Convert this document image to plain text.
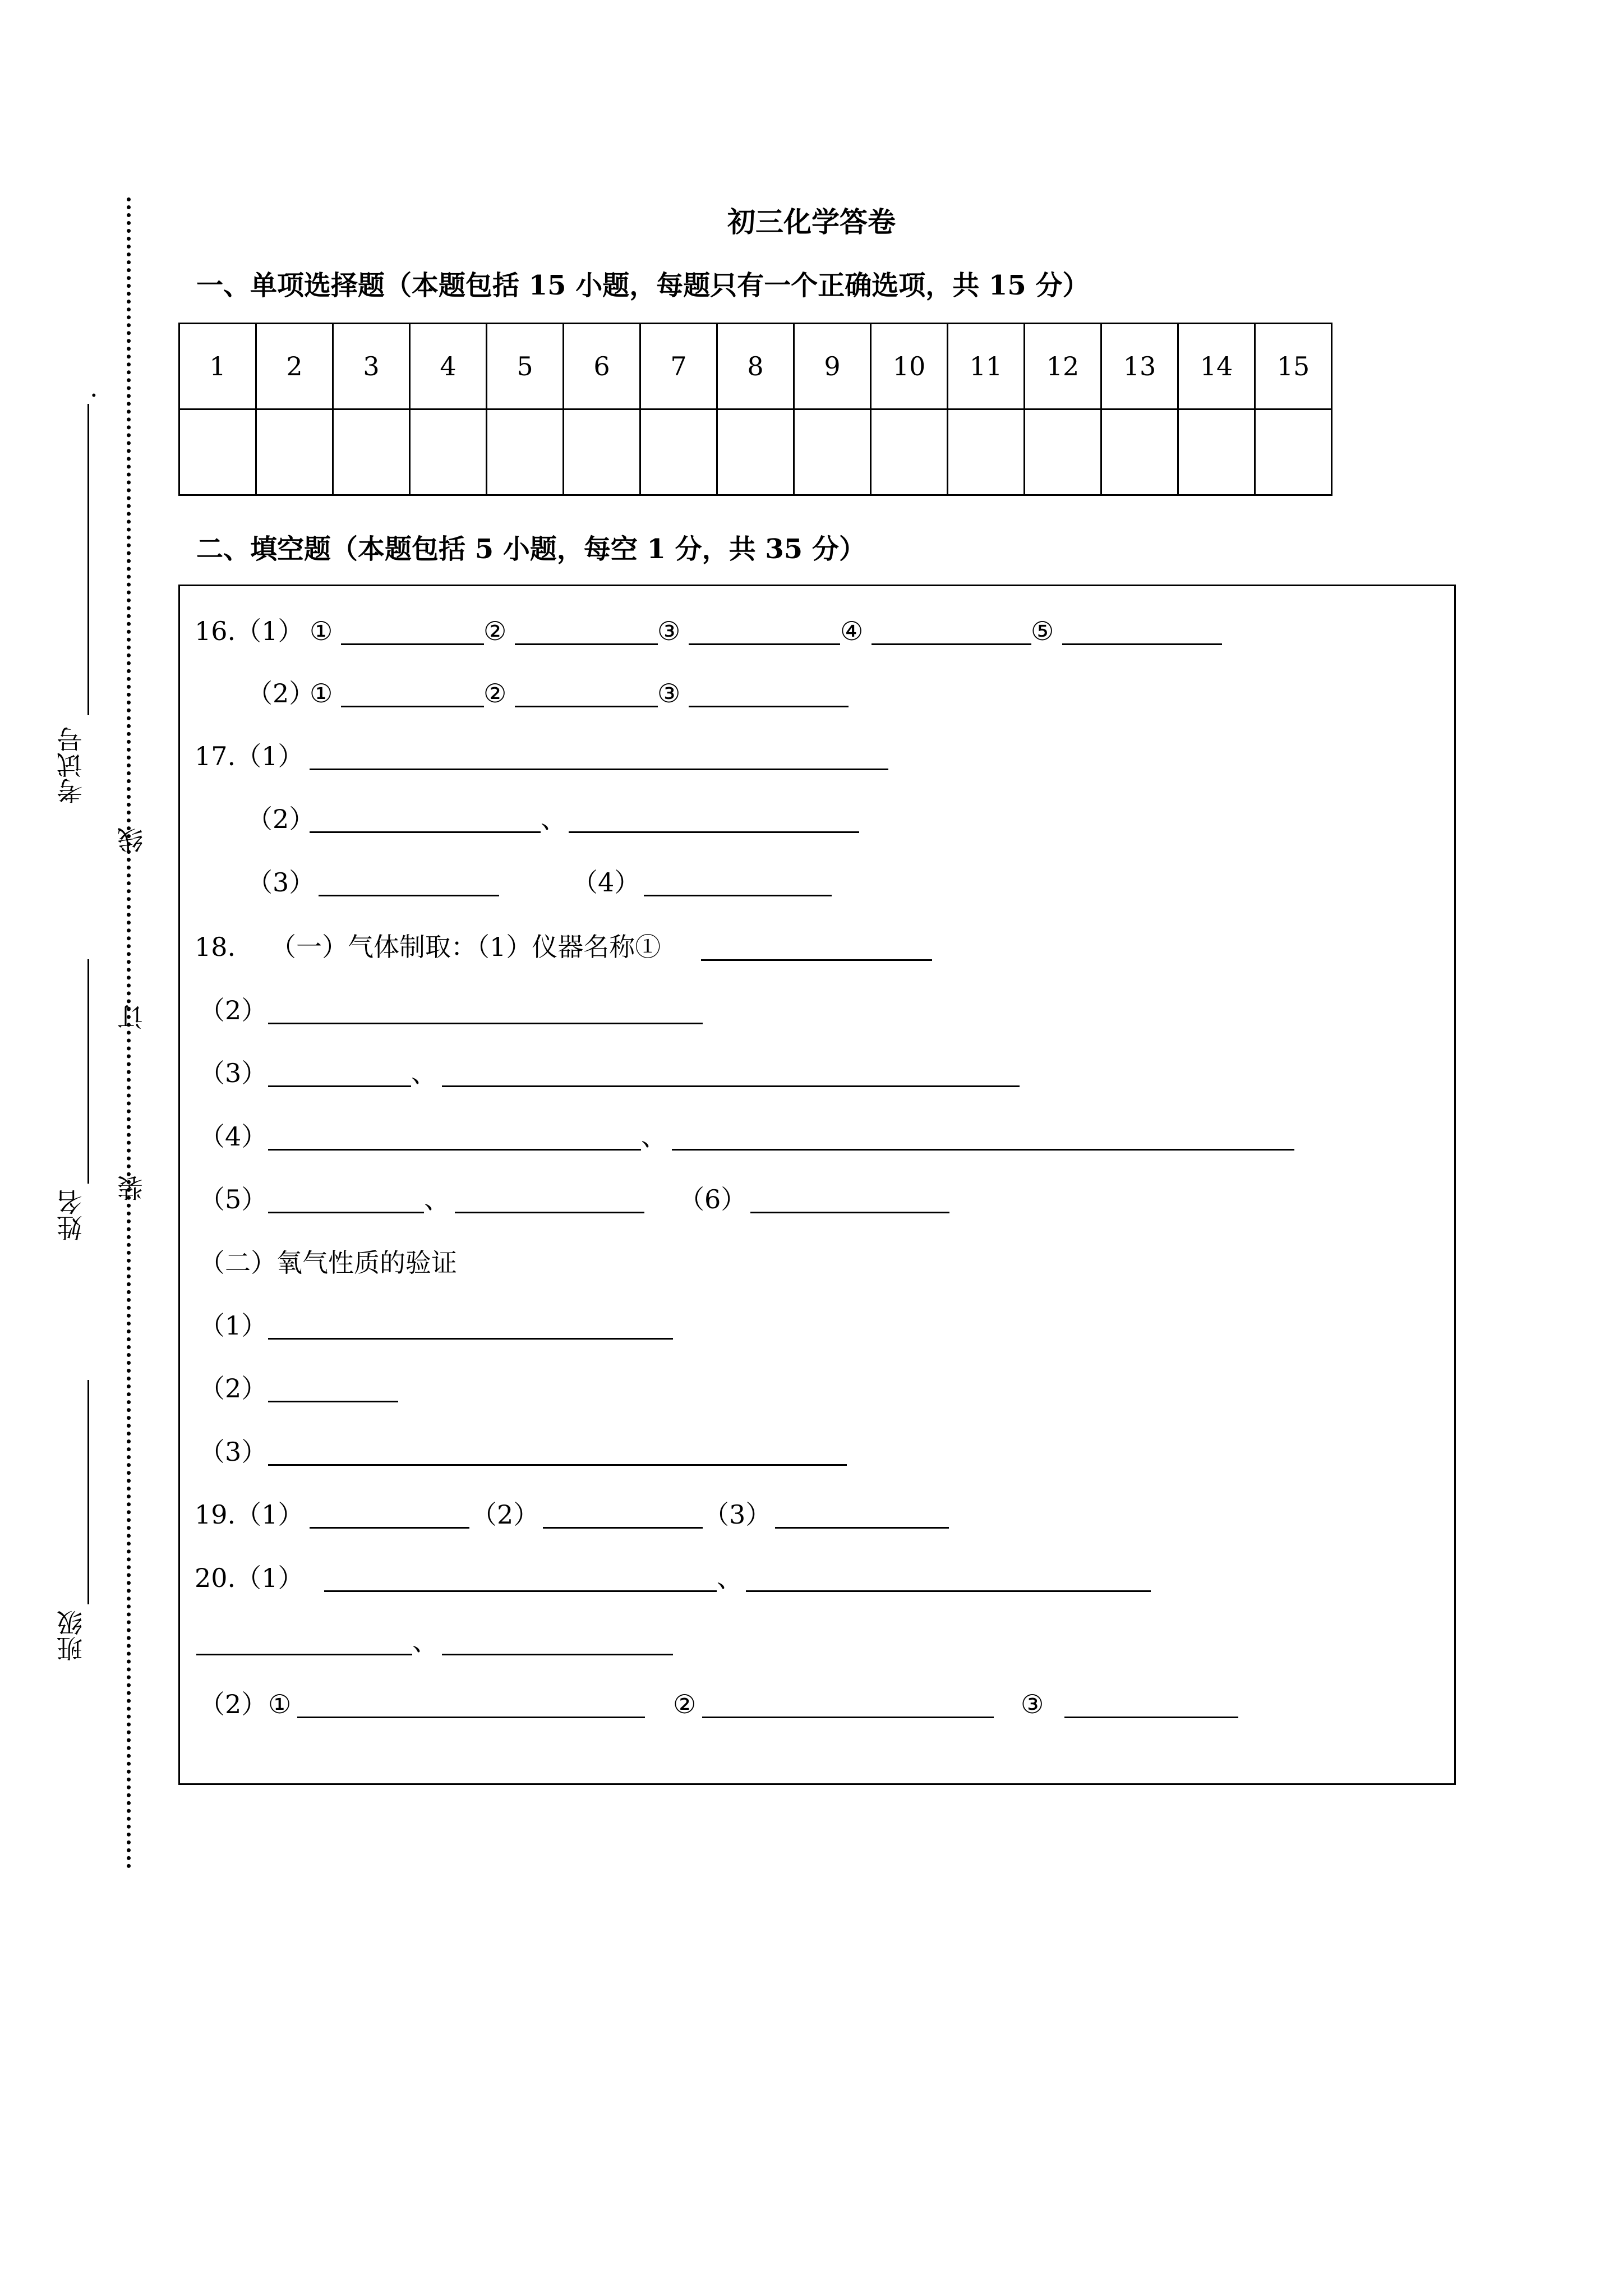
.
考试号
线
订
姓名
装
班级
初三化学答卷
一、单项选择题（本题包括 15 小题，每题只有一个正确选项，共 15 分）
1	2	3	4	5	6	7	8	9	10	11	12	13	14	15

二、填空题（本题包括 5 小题，每空 1 分，共 35 分）
16.（1） ①	②	③	④	⑤
（2）
①	②	③
17.（1）
（2）	、
（3）	（4）
18. （一）气体制取：（1）仪器名称①
（2）
（3）	、
（4）	、
（5）	、	（6）
（二）氧气性质的验证
（1）
（2）
（3）
19.（1）	（2）	（3）
20.（1）	、
、
（2） ①	②	③
